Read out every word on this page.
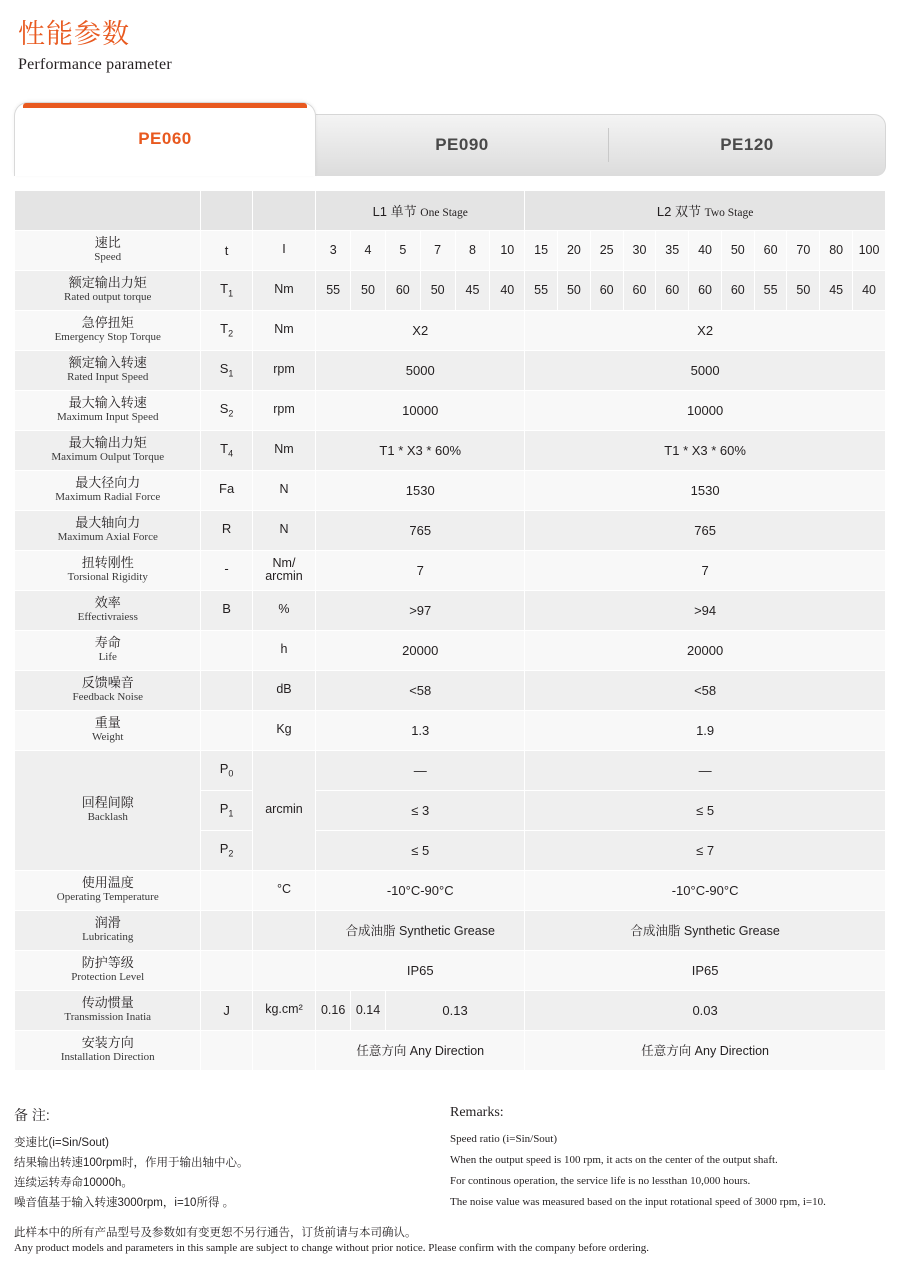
性能参数
Performance parameter
PE060	PE090	PE120
			L1 单节 One Stage						L2 双节 Two Stage										

速比
Speed	t	I	3	4	5	7	8	10	15	20	25	30	35	40	50	60	70	80	100

额定输出力矩
Rated output torque	$T_1$	Nm	55	50	60	50	45	40	55	50	60	60	60	60	60	55	50	45	40

急停扭矩
Emergency Stop Torque	$T_2$	Nm	X2						X2										

额定输入转速
Rated Input Speed	$S_1$	rpm	5000						5000										

最大输入转速
Maximum Input Speed	$S_2$	rpm	10000						10000										

最大输出力矩
Maximum Oulput Torque	$T_4$	Nm	T1 * X3 * 60%						T1 * X3 * 60%										

最大径向力
Maximum Radial Force	Fa	N	1530						1530										

最大轴向力
Maximum Axial Force	R	N	765						765										

扭转刚性
Torsional Rigidity	-	Nm/ arcmin	7						7										

效率
Effectivraiess	B	%	>97						>94										

寿命
Life		h	20000						20000										

反馈噪音
Feedback Noise		dB	<58						<58										

重量
Weight		Kg	1.3						1.9										

回程间隙
Backlash	$P_0$	arcmin	—						—										
	$P_1$		≤ 3						≤ 5										
	$P_2$		≤ 5						≤ 7										

使用温度
Operating Temperature		°C	-10°C-90°C						-10°C-90°C										

润滑
Lubricating			合成油脂 Synthetic Grease						合成油脂 Synthetic Grease										

防护等级
Protection Level			IP65						IP65										

传动惯量
Transmission Inatia	J	kg.cm²	0.16	0.14	0.13				0.03										

安装方向
Installation Direction			任意方向 Any Direction						任意方向 Any Direction										
备 注:
变速比(i=Sin/Sout)
结果输出转速100rpm时，作用于输出轴中心。
连续运转寿命10000h。
噪音值基于输入转速3000rpm，i=10所得 。
Remarks:
Speed ratio (i=Sin/Sout)
When the output speed is 100 rpm, it acts on the center of the output shaft.
For continous operation, the service life is no lessthan 10,000 hours.
The noise value was measured based on the input rotational speed of 3000 rpm, i=10.
此样本中的所有产品型号及参数如有变更恕不另行通告，订货前请与本司确认。
Any product models and parameters in this sample are subject to change without prior notice. Please confirm with the company before ordering.
